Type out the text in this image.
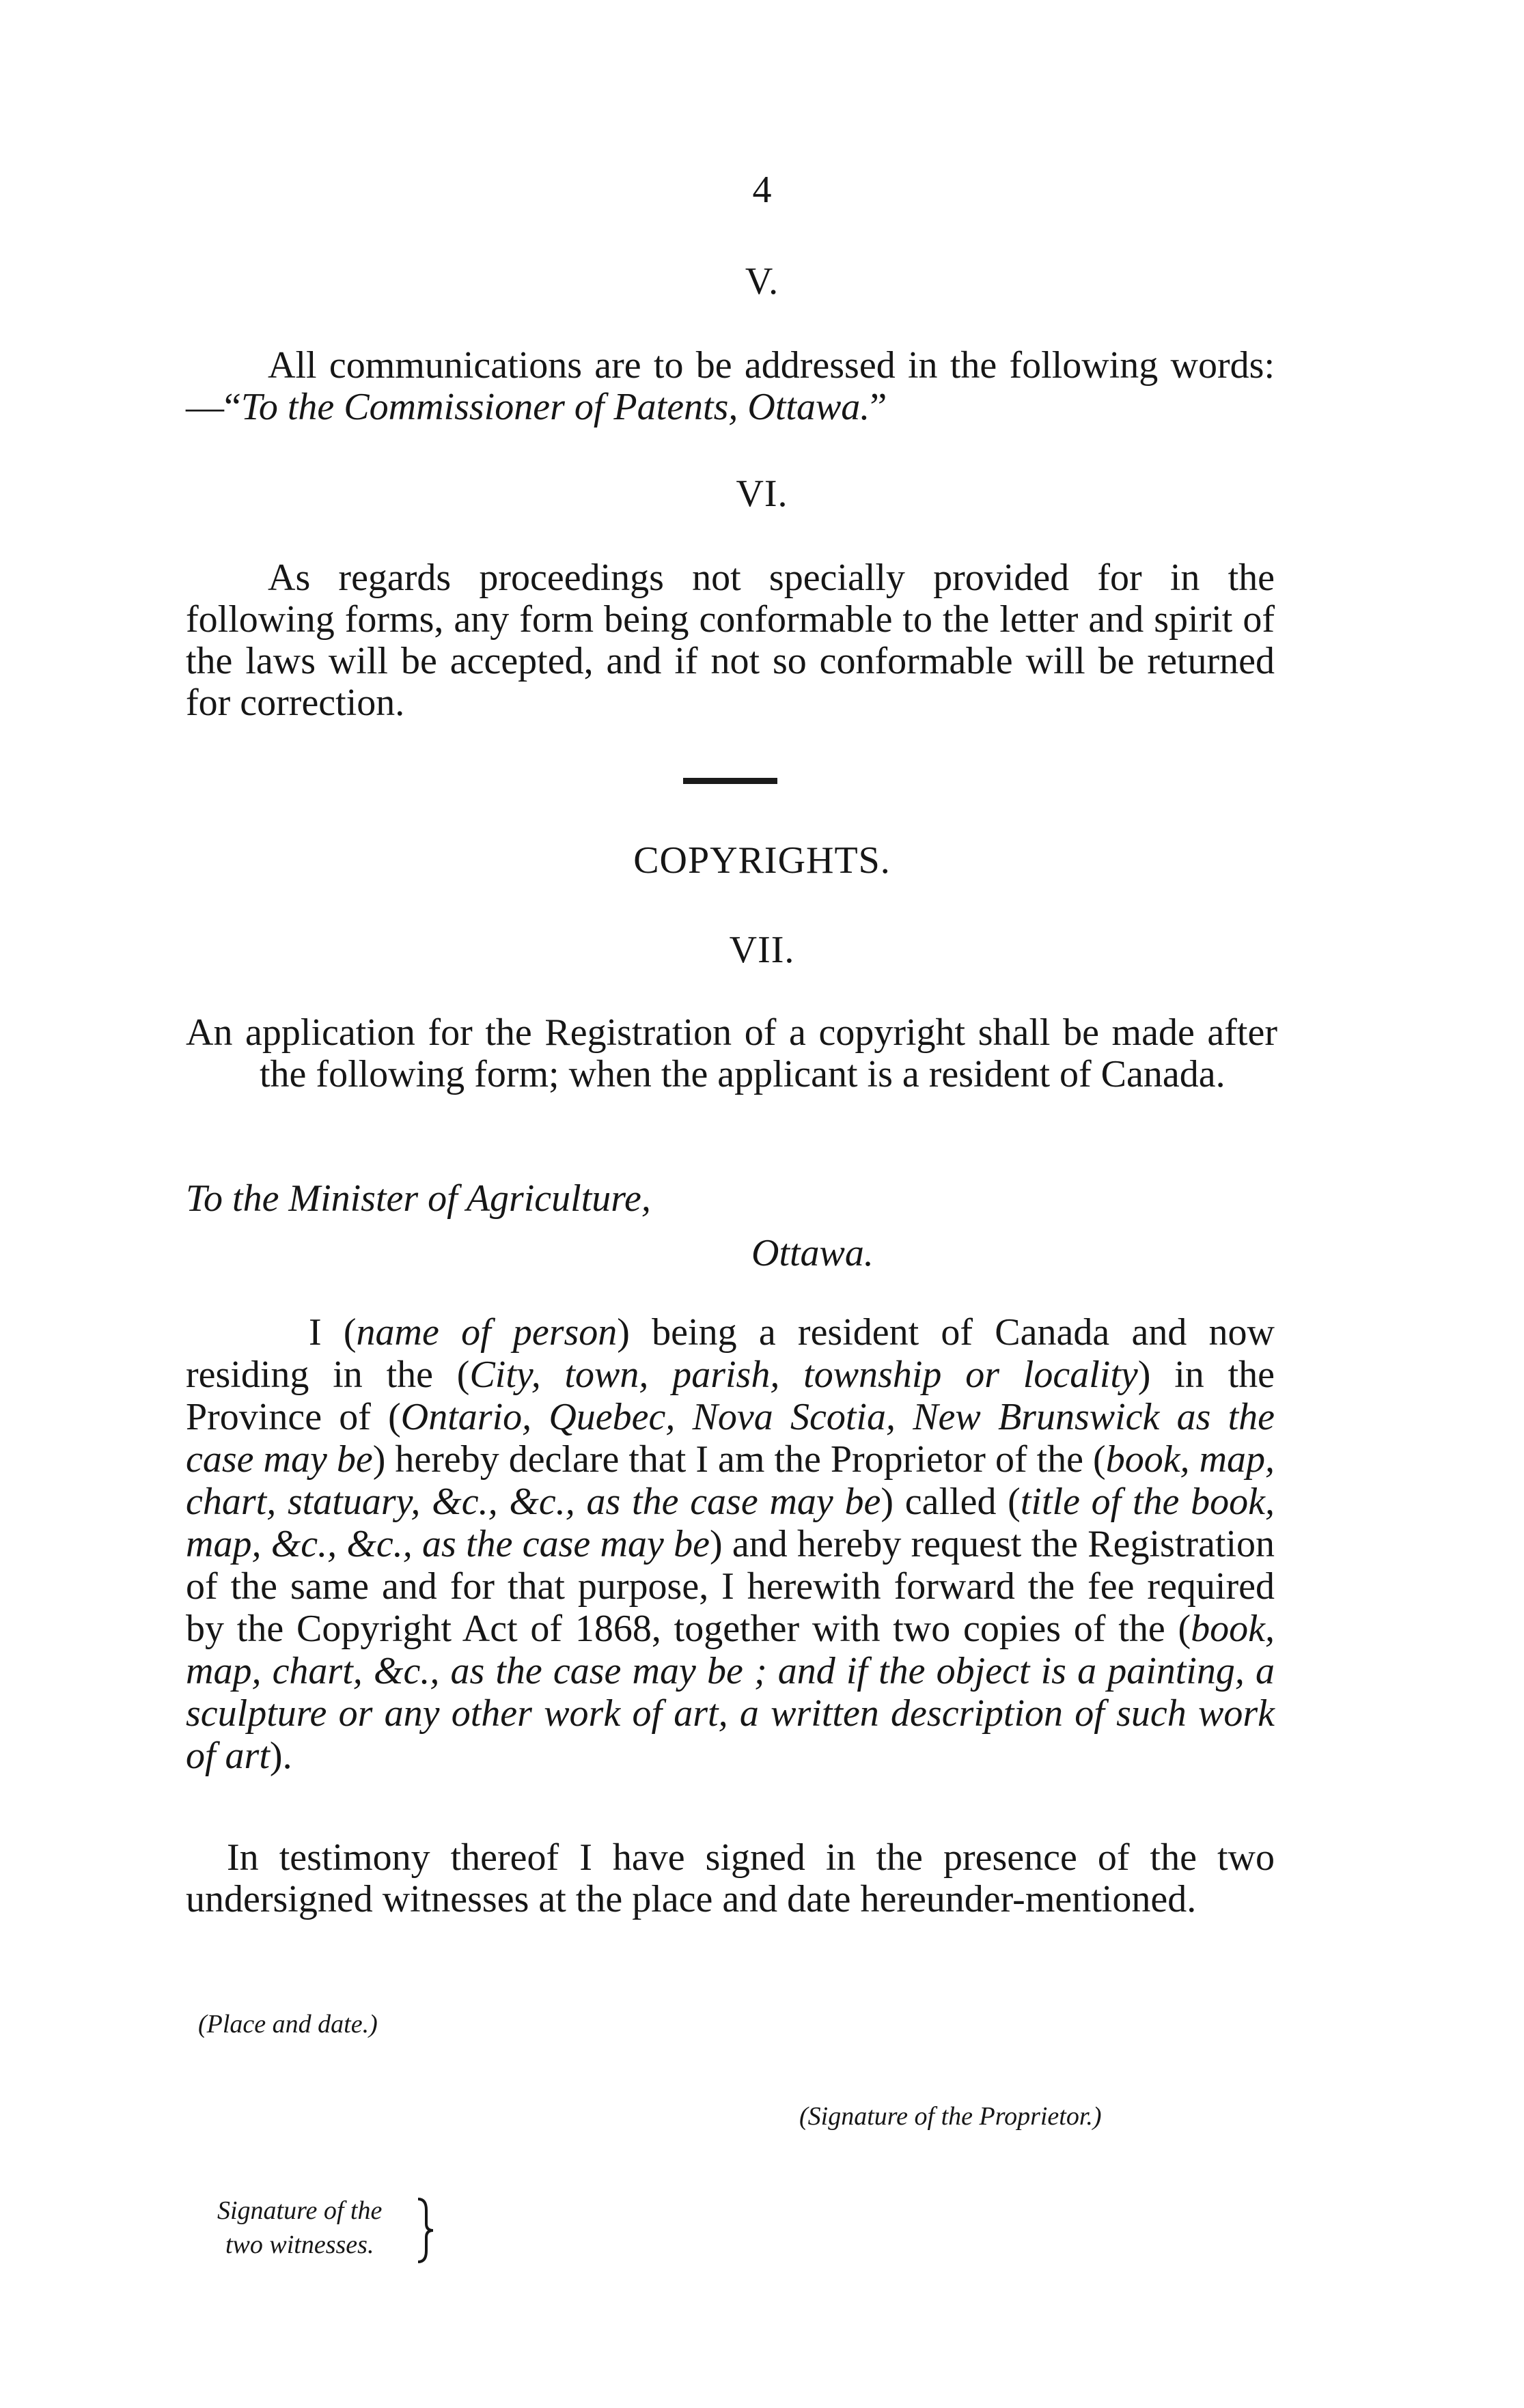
4

V.

All communications are to be addressed in the following words:—“To the Commissioner of Patents, Ottawa.”

VI.

As regards proceedings not specially provided for in the following forms, any form being conformable to the letter and spirit of the laws will be accepted, and if not so conformable will be returned for correction.

COPYRIGHTS.

VII.

An application for the Registration of a copyright shall be made after the following form; when the applicant is a resident of Canada.

To the Minister of Agriculture,

Ottawa.

I (name of person) being a resident of Canada and now residing in the (City, town, parish, township or locality) in the Province of (Ontario, Quebec, Nova Scotia, New Brunswick as the case may be) hereby declare that I am the Proprietor of the (book, map, chart, statuary, &c., &c., as the case may be) called (title of the book, map, &c., &c., as the case may be) and hereby request the Registration of the same and for that purpose, I herewith forward the fee required by the Copyright Act of 1868, together with two copies of the (book, map, chart, &c., as the case may be ; and if the object is a painting, a sculpture or any other work of art, a written description of such work of art).

In testimony thereof I have signed in the presence of the two undersigned witnesses at the place and date hereunder-mentioned.

(Place and date.)

(Signature of the Proprietor.)

Signature of the
two witnesses.
